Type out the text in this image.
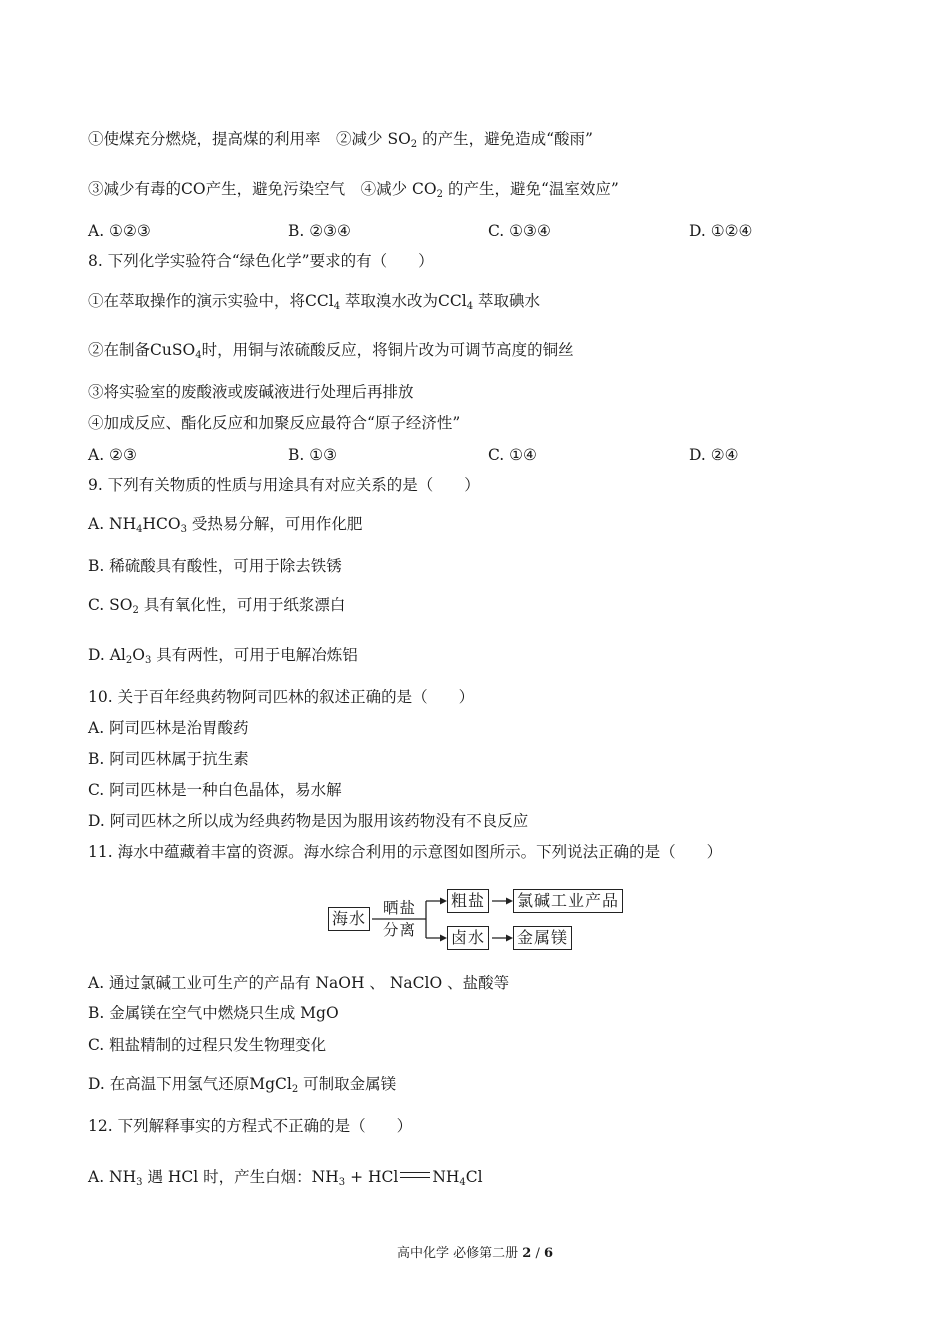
①使煤充分燃烧，提高煤的利用率　②减少 $SO_2$ 的产生，避免造成“酸雨”
③减少有毒的CO产生，避免污染空气　④减少 $CO_2$ 的产生，避免“温室效应”
A. ①②③	B. ②③④	C. ①③④	D. ①②④
8. 下列化学实验符合“绿色化学”要求的有（　　）
①在萃取操作的演示实验中，将CCl$_4$ 萃取溴水改为CCl$_4$ 萃取碘水
②在制备CuSO$_4$时，用铜与浓硫酸反应，将铜片改为可调节高度的铜丝
③将实验室的废酸液或废碱液进行处理后再排放
④加成反应、酯化反应和加聚反应最符合“原子经济性”
A. ②③	B. ①③	C. ①④	D. ②④
9. 下列有关物质的性质与用途具有对应关系的是（　　）
A. $NH_4HCO_3$ 受热易分解，可用作化肥
B. 稀硫酸具有酸性，可用于除去铁锈
C. $SO_2$ 具有氧化性，可用于纸浆漂白
D. $Al_2O_3$ 具有两性，可用于电解冶炼铝
10. 关于百年经典药物阿司匹林的叙述正确的是（　　）
A. 阿司匹林是治胃酸药
B. 阿司匹林属于抗生素
C. 阿司匹林是一种白色晶体，易水解
D. 阿司匹林之所以成为经典药物是因为服用该药物没有不良反应
11. 海水中蕴藏着丰富的资源。海水综合利用的示意图如图所示。下列说法正确的是（　　）
海水
晒盐
分离
粗盐
卤水
氯碱工业产品
金属镁
A. 通过氯碱工业可生产的产品有 NaOH 、 NaClO 、盐酸等
B. 金属镁在空气中燃烧只生成 MgO
C. 粗盐精制的过程只发生物理变化
D. 在高温下用氢气还原MgCl$_2$ 可制取金属镁
12. 下列解释事实的方程式不正确的是（　　）
A. $NH_3$ 遇 HCl 时，产生白烟：$NH_3$ + HCl $NH_4Cl$
高中化学 必修第二册 2 / 6
